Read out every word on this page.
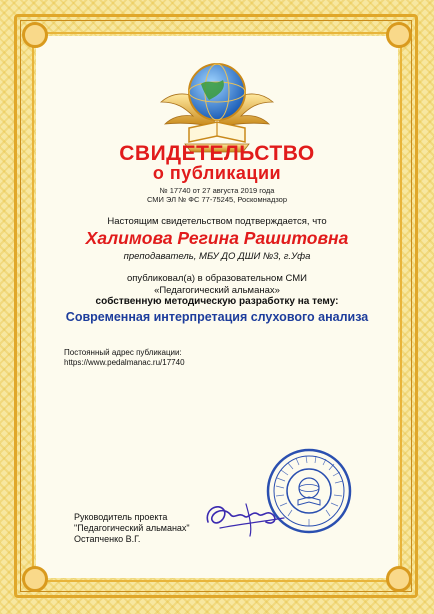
СВИДЕТЕЛЬСТВО
о публикации
№ 17740 от 27 августа 2019 года
СМИ ЭЛ № ФС 77-75245, Роскомнадзор
Настоящим свидетельством подтверждается, что
Халимова Регина Рашитовна
преподаватель, МБУ ДО ДШИ №3, г.Уфа
опубликовал(а) в образовательном СМИ
«Педагогический альманах»
собственную методическую разработку на тему:
Современная интерпретация слухового анализа
Постоянный адрес публикации:
https://www.pedalmanac.ru/17740
Руководитель проекта
"Педагогический альманах"
Остапченко В.Г.
